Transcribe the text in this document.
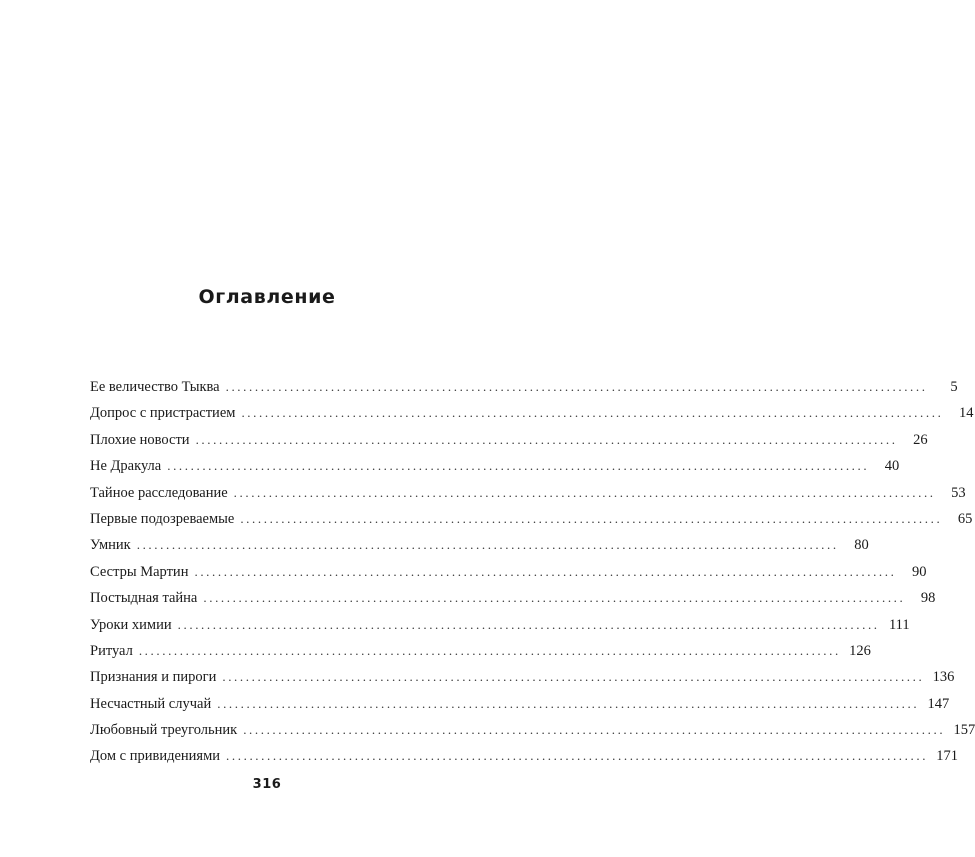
Оглавление
Ее величество Тыква ........................................................................................................................	5
Допрос с пристрастием ........................................................................................................................	14
Плохие новости ........................................................................................................................	26
Не Дракула ........................................................................................................................	40
Тайное расследование ........................................................................................................................	53
Первые подозреваемые ........................................................................................................................	65
Умник ........................................................................................................................	80
Сестры Мартин ........................................................................................................................	90
Постыдная тайна ........................................................................................................................	98
Уроки химии ........................................................................................................................ 111
Ритуал ........................................................................................................................ 126
Признания и пироги ........................................................................................................................ 136
Несчастный случай ........................................................................................................................ 147
Любовный треугольник ........................................................................................................................ 157
Дом с привидениями ........................................................................................................................ 171
316
